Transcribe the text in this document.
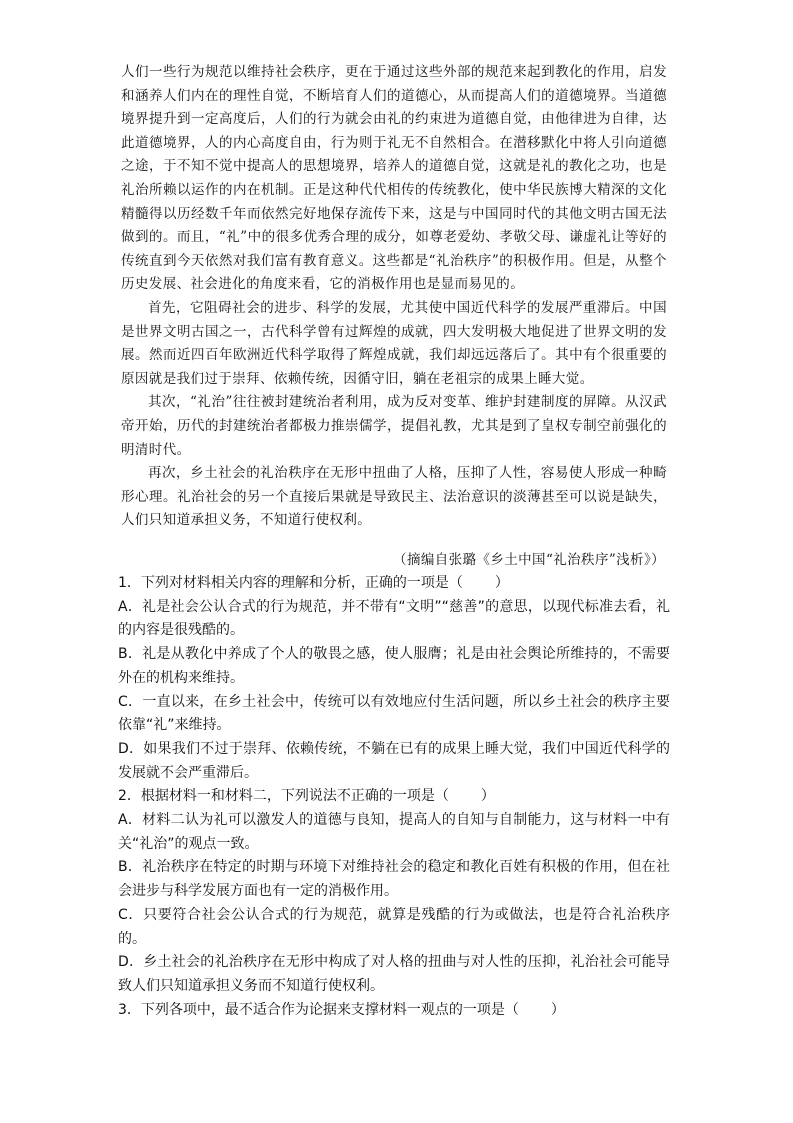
人们一些行为规范以维持社会秩序，更在于通过这些外部的规范来起到教化的作用，启发和涵养人们内在的理性自觉，不断培育人们的道德心，从而提高人们的道德境界。当道德境界提升到一定高度后，人们的行为就会由礼的约束进为道德自觉，由他律进为自律，达此道德境界，人的内心高度自由，行为则于礼无不自然相合。在潜移默化中将人引向道德之途，于不知不觉中提高人的思想境界，培养人的道德自觉，这就是礼的教化之功，也是礼治所赖以运作的内在机制。正是这种代代相传的传统教化，使中华民族博大精深的文化精髓得以历经数千年而依然完好地保存流传下来，这是与中国同时代的其他文明古国无法做到的。而且，“礼”中的很多优秀合理的成分，如尊老爱幼、孝敬父母、谦虚礼让等好的传统直到今天依然对我们富有教育意义。这些都是“礼治秩序”的积极作用。但是，从整个历史发展、社会进化的角度来看，它的消极作用也是显而易见的。

首先，它阻碍社会的进步、科学的发展，尤其使中国近代科学的发展严重滞后。中国是世界文明古国之一，古代科学曾有过辉煌的成就，四大发明极大地促进了世界文明的发展。然而近四百年欧洲近代科学取得了辉煌成就，我们却远远落后了。其中有个很重要的原因就是我们过于崇拜、依赖传统，因循守旧，躺在老祖宗的成果上睡大觉。

其次，“礼治”往往被封建统治者利用，成为反对变革、维护封建制度的屏障。从汉武帝开始，历代的封建统治者都极力推崇儒学，提倡礼教，尤其是到了皇权专制空前强化的明清时代。

再次，乡土社会的礼治秩序在无形中扭曲了人格，压抑了人性，容易使人形成一种畸形心理。礼治社会的另一个直接后果就是导致民主、法治意识的淡薄甚至可以说是缺失，人们只知道承担义务，不知道行使权利。

（摘编自张璐《乡土中国“礼治秩序”浅析》）

1．下列对材料相关内容的理解和分析，正确的一项是（ ）

A．礼是社会公认合式的行为规范，并不带有“文明”“慈善”的意思，以现代标准去看，礼的内容是很残酷的。

B．礼是从教化中养成了个人的敬畏之感，使人服膺；礼是由社会舆论所维持的，不需要外在的机构来维持。

C．一直以来，在乡土社会中，传统可以有效地应付生活问题，所以乡土社会的秩序主要依靠“礼”来维持。

D．如果我们不过于崇拜、依赖传统，不躺在已有的成果上睡大觉，我们中国近代科学的发展就不会严重滞后。

2．根据材料一和材料二，下列说法不正确的一项是（ ）

A．材料二认为礼可以激发人的道德与良知，提高人的自知与自制能力，这与材料一中有关“礼治”的观点一致。

B．礼治秩序在特定的时期与环境下对维持社会的稳定和教化百姓有积极的作用，但在社会进步与科学发展方面也有一定的消极作用。

C．只要符合社会公认合式的行为规范，就算是残酷的行为或做法，也是符合礼治秩序的。

D．乡土社会的礼治秩序在无形中构成了对人格的扭曲与对人性的压抑，礼治社会可能导致人们只知道承担义务而不知道行使权利。

3．下列各项中，最不适合作为论据来支撑材料一观点的一项是（ ）
